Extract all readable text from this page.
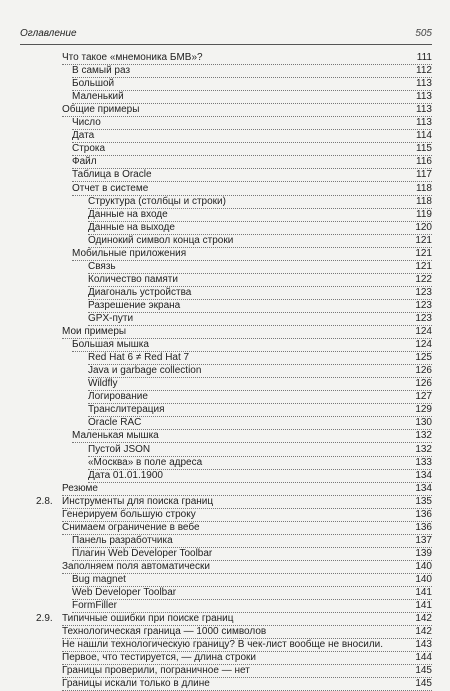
Оглавление	505
Что такое «мнемоника БМВ»?	111
В самый раз	112
Большой	113
Маленький	113
Общие примеры	113
Число	113
Дата	114
Строка	115
Файл	116
Таблица в Oracle	117
Отчет в системе	118
Структура (столбцы и строки)	118
Данные на входе	119
Данные на выходе	120
Одинокий символ конца строки	121
Мобильные приложения	121
Связь	121
Количество памяти	122
Диагональ устройства	123
Разрешение экрана	123
GPX-пути	123
Мои примеры	124
Большая мышка	124
Red Hat 6 ≠ Red Hat 7	125
Java и garbage collection	126
Wildfly	126
Логирование	127
Транслитерация	129
Oracle RAC	130
Маленькая мышка	132
Пустой JSON	132
«Москва» в поле адреса	133
Дата 01.01.1900	134
Резюме	134
2.8. Инструменты для поиска границ	135
Генерируем большую строку	136
Снимаем ограничение в вебе	136
Панель разработчика	137
Плагин Web Developer Toolbar	139
Заполняем поля автоматически	140
Bug magnet	140
Web Developer Toolbar	141
FormFiller	141
2.9. Типичные ошибки при поиске границ	142
Технологическая граница — 1000 символов	142
Не нашли технологическую границу? В чек-лист вообще не вносили.	143
Первое, что тестируется, — длина строки	144
Границы проверили, пограничное — нет	145
Границы искали только в длине	145
